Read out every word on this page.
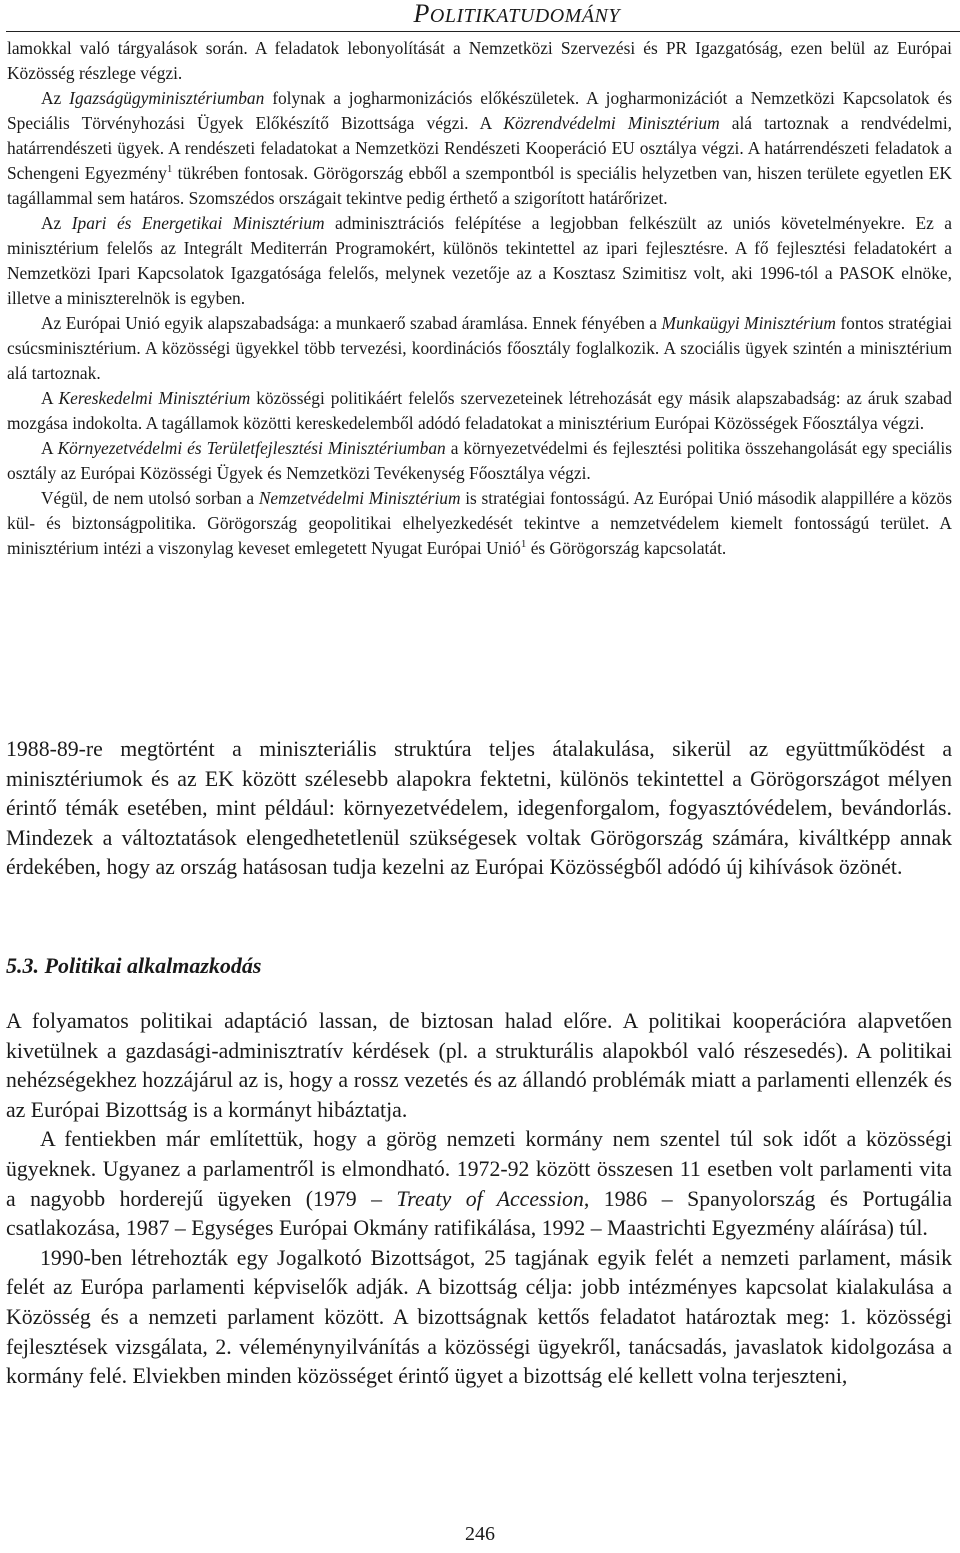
POLITIKATUDOMÁNY

lamokkal való tárgyalások során. A feladatok lebonyolítását a Nemzetközi Szervezési és PR Igazgatóság, ezen belül az Európai Közösség részlege végzi.

Az Igazságügyminisztériumban folynak a jogharmonizációs előkészületek. A jogharmonizációt a Nemzetközi Kapcsolatok és Speciális Törvényhozási Ügyek Előkészítő Bizottsága végzi. A Közrendvédelmi Minisztérium alá tartoznak a rendvédelmi, határrendészeti ügyek. A rendészeti feladatokat a Nemzetközi Rendészeti Kooperáció EU osztálya végzi. A határrendészeti feladatok a Schengeni Egyezmény$^1$ tükrében fontosak. Görögország ebből a szempontból is speciális helyzetben van, hiszen területe egyetlen EK tagállammal sem határos. Szomszédos országait tekintve pedig érthető a szigorított határőrizet.

Az Ipari és Energetikai Minisztérium adminisztrációs felépítése a legjobban felkészült az uniós követelményekre. Ez a minisztérium felelős az Integrált Mediterrán Programokért, különös tekintettel az ipari fejlesztésre. A fő fejlesztési feladatokért a Nemzetközi Ipari Kapcsolatok Igazgatósága felelős, melynek vezetője az a Kosztasz Szimitisz volt, aki 1996-tól a PASOK elnöke, illetve a miniszterelnök is egyben.

Az Európai Unió egyik alapszabadsága: a munkaerő szabad áramlása. Ennek fényében a Munkaügyi Minisztérium fontos stratégiai csúcsminisztérium. A közösségi ügyekkel több tervezési, koordinációs főosztály foglalkozik. A szociális ügyek szintén a minisztérium alá tartoznak.

A Kereskedelmi Minisztérium közösségi politikáért felelős szervezeteinek létrehozását egy másik alapszabadság: az áruk szabad mozgása indokolta. A tagállamok közötti kereskedelemből adódó feladatokat a minisztérium Európai Közösségek Főosztálya végzi.

A Környezetvédelmi és Területfejlesztési Minisztériumban a környezetvédelmi és fejlesztési politika összehangolását egy speciális osztály az Európai Közösségi Ügyek és Nemzetközi Tevékenység Főosztálya végzi.

Végül, de nem utolsó sorban a Nemzetvédelmi Minisztérium is stratégiai fontosságú. Az Európai Unió második alappillére a közös kül- és biztonságpolitika. Görögország geopolitikai elhelyezkedését tekintve a nemzetvédelem kiemelt fontosságú terület. A minisztérium intézi a viszonylag keveset emlegetett Nyugat Európai Unió$^1$ és Görögország kapcsolatát.

1988-89-re megtörtént a miniszteriális struktúra teljes átalakulása, sikerül az együttműködést a minisztériumok és az EK között szélesebb alapokra fektetni, különös tekintettel a Görögországot mélyen érintő témák esetében, mint például: környezetvédelem, idegenforgalom, fogyasztóvédelem, bevándorlás. Mindezek a változtatások elengedhetetlenül szükségesek voltak Görögország számára, kiváltképp annak érdekében, hogy az ország hatásosan tudja kezelni az Európai Közösségből adódó új kihívások özönét.

5.3. Politikai alkalmazkodás

A folyamatos politikai adaptáció lassan, de biztosan halad előre. A politikai kooperációra alapvetően kivetülnek a gazdasági-adminisztratív kérdések (pl. a strukturális alapokból való részesedés). A politikai nehézségekhez hozzájárul az is, hogy a rossz vezetés és az állandó problémák miatt a parlamenti ellenzék és az Európai Bizottság is a kormányt hibáztatja.

A fentiekben már említettük, hogy a görög nemzeti kormány nem szentel túl sok időt a közösségi ügyeknek. Ugyanez a parlamentről is elmondható. 1972-92 között összesen 11 esetben volt parlamenti vita a nagyobb horderejű ügyeken (1979 – Treaty of Accession, 1986 – Spanyolország és Portugália csatlakozása, 1987 – Egységes Európai Okmány ratifikálása, 1992 – Maastrichti Egyezmény aláírása) túl.

1990-ben létrehozták egy Jogalkotó Bizottságot, 25 tagjának egyik felét a nemzeti parlament, másik felét az Európa parlamenti képviselők adják. A bizottság célja: jobb intézményes kapcsolat kialakulása a Közösség és a nemzeti parlament között. A bizottságnak kettős feladatot határoztak meg: 1. közösségi fejlesztések vizsgálata, 2. véleménynyilvánítás a közösségi ügyekről, tanácsadás, javaslatok kidolgozása a kormány felé. Elviekben minden közösséget érintő ügyet a bizottság elé kellett volna terjeszteni,

246
